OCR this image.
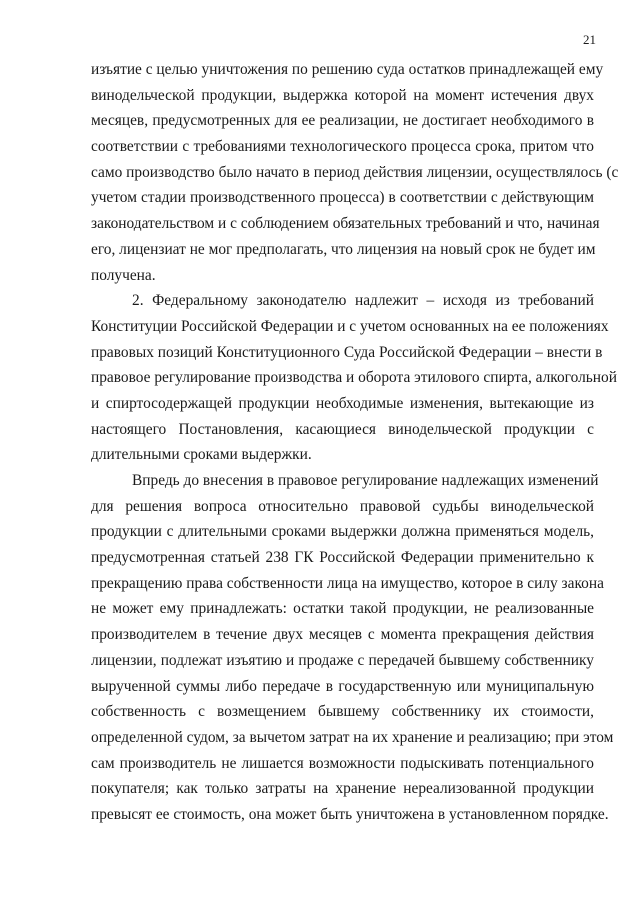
21
изъятие с целью уничтожения по решению суда остатков принадлежащей ему
винодельческой продукции, выдержка которой на момент истечения двух
месяцев, предусмотренных для ее реализации, не достигает необходимого в
соответствии с требованиями технологического процесса срока, притом что
само производство было начато в период действия лицензии, осуществлялось (с
учетом стадии производственного процесса) в соответствии с действующим
законодательством и с соблюдением обязательных требований и что, начиная
его, лицензиат не мог предполагать, что лицензия на новый срок не будет им
получена.
2. Федеральному законодателю надлежит – исходя из требований
Конституции Российской Федерации и с учетом основанных на ее положениях
правовых позиций Конституционного Суда Российской Федерации – внести в
правовое регулирование производства и оборота этилового спирта, алкогольной
и спиртосодержащей продукции необходимые изменения, вытекающие из
настоящего Постановления, касающиеся винодельческой продукции с
длительными сроками выдержки.
Впредь до внесения в правовое регулирование надлежащих изменений
для решения вопроса относительно правовой судьбы винодельческой
продукции с длительными сроками выдержки должна применяться модель,
предусмотренная статьей 238 ГК Российской Федерации применительно к
прекращению права собственности лица на имущество, которое в силу закона
не может ему принадлежать: остатки такой продукции, не реализованные
производителем в течение двух месяцев с момента прекращения действия
лицензии, подлежат изъятию и продаже с передачей бывшему собственнику
вырученной суммы либо передаче в государственную или муниципальную
собственность с возмещением бывшему собственнику их стоимости,
определенной судом, за вычетом затрат на их хранение и реализацию; при этом
сам производитель не лишается возможности подыскивать потенциального
покупателя; как только затраты на хранение нереализованной продукции
превысят ее стоимость, она может быть уничтожена в установленном порядке.
